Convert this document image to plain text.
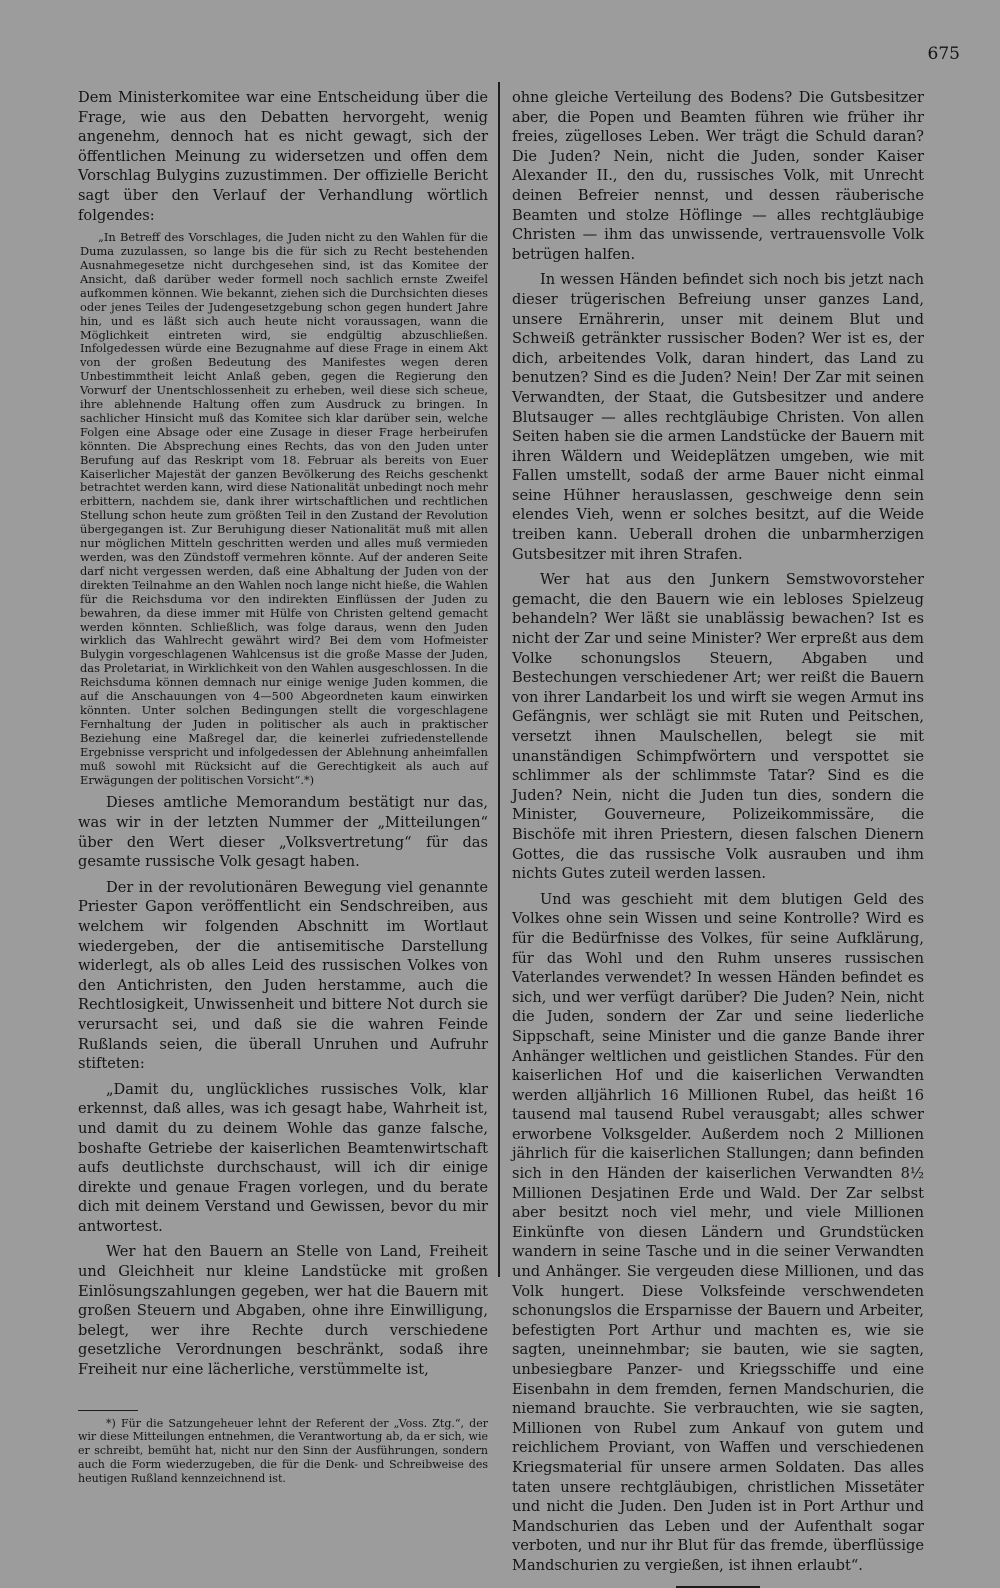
675

Dem Ministerkomitee war eine Entscheidung über die Frage, wie aus den Debatten hervorgeht, wenig angenehm, dennoch hat es nicht gewagt, sich der öffentlichen Meinung zu widersetzen und offen dem Vorschlag Bulygins zuzustimmen. Der offizielle Bericht sagt über den Verlauf der Verhandlung wörtlich folgendes:

„In Betreff des Vorschlages, die Juden nicht zu den Wahlen für die Duma zuzulassen, so lange bis die für sich zu Recht bestehenden Ausnahmegesetze nicht durchgesehen sind, ist das Komitee der Ansicht, daß darüber weder formell noch sachlich ernste Zweifel aufkommen können. Wie bekannt, ziehen sich die Durchsichten dieses oder jenes Teiles der Judengesetzgebung schon gegen hundert Jahre hin, und es läßt sich auch heute nicht voraussagen, wann die Möglichkeit eintreten wird, sie endgültig abzuschließen. Infolgedessen würde eine Bezugnahme auf diese Frage in einem Akt von der großen Bedeutung des Manifestes wegen deren Unbestimmtheit leicht Anlaß geben, gegen die Regierung den Vorwurf der Unentschlossenheit zu erheben, weil diese sich scheue, ihre ablehnende Haltung offen zum Ausdruck zu bringen. In sachlicher Hinsicht muß das Komitee sich klar darüber sein, welche Folgen eine Absage oder eine Zusage in dieser Frage herbeirufen könnten. Die Absprechung eines Rechts, das von den Juden unter Berufung auf das Reskript vom 18. Februar als bereits von Euer Kaiserlicher Majestät der ganzen Bevölkerung des Reichs geschenkt betrachtet werden kann, wird diese Nationalität unbedingt noch mehr erbittern, nachdem sie, dank ihrer wirtschaftlichen und rechtlichen Stellung schon heute zum größten Teil in den Zustand der Revolution übergegangen ist. Zur Beruhigung dieser Nationalität muß mit allen nur möglichen Mitteln geschritten werden und alles muß vermieden werden, was den Zündstoff vermehren könnte. Auf der anderen Seite darf nicht vergessen werden, daß eine Abhaltung der Juden von der direkten Teilnahme an den Wahlen noch lange nicht hieße, die Wahlen für die Reichsduma vor den indirekten Einflüssen der Juden zu bewahren, da diese immer mit Hülfe von Christen geltend gemacht werden könnten. Schließlich, was folge daraus, wenn den Juden wirklich das Wahlrecht gewährt wird? Bei dem vom Hofmeister Bulygin vorgeschlagenen Wahlcensus ist die große Masse der Juden, das Proletariat, in Wirklichkeit von den Wahlen ausgeschlossen. In die Reichsduma können demnach nur einige wenige Juden kommen, die auf die Anschauungen von 4—500 Abgeordneten kaum einwirken könnten. Unter solchen Bedingungen stellt die vorgeschlagene Fernhaltung der Juden in politischer als auch in praktischer Beziehung eine Maßregel dar, die keinerlei zufriedenstellende Ergebnisse verspricht und infolgedessen der Ablehnung anheimfallen muß sowohl mit Rücksicht auf die Gerechtigkeit als auch auf Erwägungen der politischen Vorsicht“.*)

Dieses amtliche Memorandum bestätigt nur das, was wir in der letzten Nummer der „Mitteilungen“ über den Wert dieser „Volksvertretung“ für das gesamte russische Volk gesagt haben.

Der in der revolutionären Bewegung viel genannte Priester Gapon veröffentlicht ein Sendschreiben, aus welchem wir folgenden Abschnitt im Wortlaut wiedergeben, der die antisemitische Darstellung widerlegt, als ob alles Leid des russischen Volkes von den Antichristen, den Juden herstamme, auch die Rechtlosigkeit, Unwissenheit und bittere Not durch sie verursacht sei, und daß sie die wahren Feinde Rußlands seien, die überall Unruhen und Aufruhr stifteten:

„Damit du, unglückliches russisches Volk, klar erkennst, daß alles, was ich gesagt habe, Wahrheit ist, und damit du zu deinem Wohle das ganze falsche, boshafte Getriebe der kaiserlichen Beamtenwirtschaft aufs deutlichste durchschaust, will ich dir einige direkte und genaue Fragen vorlegen, und du berate dich mit deinem Verstand und Gewissen, bevor du mir antwortest.

Wer hat den Bauern an Stelle von Land, Freiheit und Gleichheit nur kleine Landstücke mit großen Einlösungszahlungen gegeben, wer hat die Bauern mit großen Steuern und Abgaben, ohne ihre Einwilligung, belegt, wer ihre Rechte durch verschiedene gesetzliche Verordnungen beschränkt, sodaß ihre Freiheit nur eine lächerliche, verstümmelte ist,

*) Für die Satzungeheuer lehnt der Referent der „Voss. Ztg.“, der wir diese Mitteilungen entnehmen, die Verantwortung ab, da er sich, wie er schreibt, bemüht hat, nicht nur den Sinn der Ausführungen, sondern auch die Form wiederzugeben, die für die Denk- und Schreibweise des heutigen Rußland kennzeichnend ist.

ohne gleiche Verteilung des Bodens? Die Gutsbesitzer aber, die Popen und Beamten führen wie früher ihr freies, zügelloses Leben. Wer trägt die Schuld daran? Die Juden? Nein, nicht die Juden, sonder Kaiser Alexander II., den du, russisches Volk, mit Unrecht deinen Befreier nennst, und dessen räuberische Beamten und stolze Höflinge — alles rechtgläubige Christen — ihm das unwissende, vertrauensvolle Volk betrügen halfen.

In wessen Händen befindet sich noch bis jetzt nach dieser trügerischen Befreiung unser ganzes Land, unsere Ernährerin, unser mit deinem Blut und Schweiß getränkter russischer Boden? Wer ist es, der dich, arbeitendes Volk, daran hindert, das Land zu benutzen? Sind es die Juden? Nein! Der Zar mit seinen Verwandten, der Staat, die Gutsbesitzer und andere Blutsauger — alles rechtgläubige Christen. Von allen Seiten haben sie die armen Landstücke der Bauern mit ihren Wäldern und Weideplätzen umgeben, wie mit Fallen umstellt, sodaß der arme Bauer nicht einmal seine Hühner herauslassen, geschweige denn sein elendes Vieh, wenn er solches besitzt, auf die Weide treiben kann. Ueberall drohen die unbarmherzigen Gutsbesitzer mit ihren Strafen.

Wer hat aus den Junkern Semstwovorsteher gemacht, die den Bauern wie ein lebloses Spielzeug behandeln? Wer läßt sie unablässig bewachen? Ist es nicht der Zar und seine Minister? Wer erpreßt aus dem Volke schonungslos Steuern, Abgaben und Bestechungen verschiedener Art; wer reißt die Bauern von ihrer Landarbeit los und wirft sie wegen Armut ins Gefängnis, wer schlägt sie mit Ruten und Peitschen, versetzt ihnen Maulschellen, belegt sie mit unanständigen Schimpfwörtern und verspottet sie schlimmer als der schlimmste Tatar? Sind es die Juden? Nein, nicht die Juden tun dies, sondern die Minister, Gouverneure, Polizeikommissäre, die Bischöfe mit ihren Priestern, diesen falschen Dienern Gottes, die das russische Volk ausrauben und ihm nichts Gutes zuteil werden lassen.

Und was geschieht mit dem blutigen Geld des Volkes ohne sein Wissen und seine Kontrolle? Wird es für die Bedürfnisse des Volkes, für seine Aufklärung, für das Wohl und den Ruhm unseres russischen Vaterlandes verwendet? In wessen Händen befindet es sich, und wer verfügt darüber? Die Juden? Nein, nicht die Juden, sondern der Zar und seine liederliche Sippschaft, seine Minister und die ganze Bande ihrer Anhänger weltlichen und geistlichen Standes. Für den kaiserlichen Hof und die kaiserlichen Verwandten werden alljährlich 16 Millionen Rubel, das heißt 16 tausend mal tausend Rubel verausgabt; alles schwer erworbene Volksgelder. Außerdem noch 2 Millionen jährlich für die kaiserlichen Stallungen; dann befinden sich in den Händen der kaiserlichen Verwandten 8½ Millionen Desjatinen Erde und Wald. Der Zar selbst aber besitzt noch viel mehr, und viele Millionen Einkünfte von diesen Ländern und Grundstücken wandern in seine Tasche und in die seiner Verwandten und Anhänger. Sie vergeuden diese Millionen, und das Volk hungert. Diese Volksfeinde verschwendeten schonungslos die Ersparnisse der Bauern und Arbeiter, befestigten Port Arthur und machten es, wie sie sagten, uneinnehmbar; sie bauten, wie sie sagten, unbesiegbare Panzer- und Kriegsschiffe und eine Eisenbahn in dem fremden, fernen Mandschurien, die niemand brauchte. Sie verbrauchten, wie sie sagten, Millionen von Rubel zum Ankauf von gutem und reichlichem Proviant, von Waffen und verschiedenen Kriegsmaterial für unsere armen Soldaten. Das alles taten unsere rechtgläubigen, christlichen Missetäter und nicht die Juden. Den Juden ist in Port Arthur und Mandschurien das Leben und der Aufenthalt sogar verboten, und nur ihr Blut für das fremde, überflüssige Mandschurien zu vergießen, ist ihnen erlaubt“.
